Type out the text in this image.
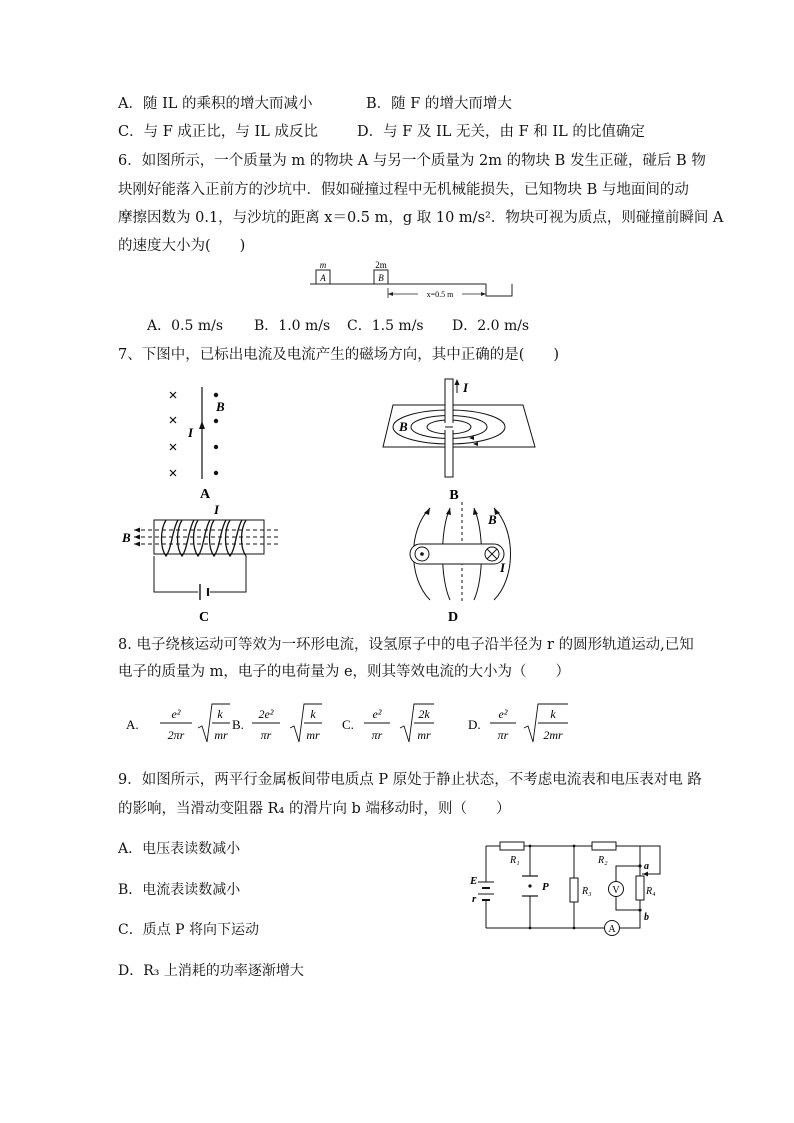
A．随 IL 的乘积的增大而减小	B．随 F 的增大而增大
C．与 F 成正比，与 IL 成反比	D．与 F 及 IL 无关，由 F 和 IL 的比值确定
6．如图所示，一个质量为 m 的物块 A 与另一个质量为 2m 的物块 B 发生正碰，碰后 B 物
块刚好能落入正前方的沙坑中．假如碰撞过程中无机械能损失，已知物块 B 与地面间的动
摩擦因数为 0.1，与沙坑的距离 x＝0.5 m，g 取 10 m/s²．物块可视为质点，则碰撞前瞬间 A
的速度大小为(　　)
A
m
B
2m
x=0.5 m
A．0.5 m/s B．1.0 m/s C．1.5 m/s D．2.0 m/s
7、下图中，已标出电流及电流产生的磁场方向，其中正确的是(　　)
I
B
A
I
B
B
B
I
C
B
I
D
8. 电子绕核运动可等效为一环形电流，设氢原子中的电子沿半径为 r 的圆形轨道运动,已知
电子的质量为 m，电子的电荷量为 e，则其等效电流的大小为（　　）
A.
e²
2πr
k
mr
B.
2e²
πr
k
mr
C.
e²
πr
2k
mr
D.
e²
πr
k
2mr
9．如图所示，两平行金属板间带电质点 P 原处于静止状态，不考虑电流表和电压表对电 路
的影响，当滑动变阻器 R₄ 的滑片向 b 端移动时，则（　　）
A．电压表读数减小
B．电流表读数减小
C．质点 P 将向下运动
D．R₃ 上消耗的功率逐渐增大
R₁	R₂
E
r
P	R₃	R₄
a
b
V
A
